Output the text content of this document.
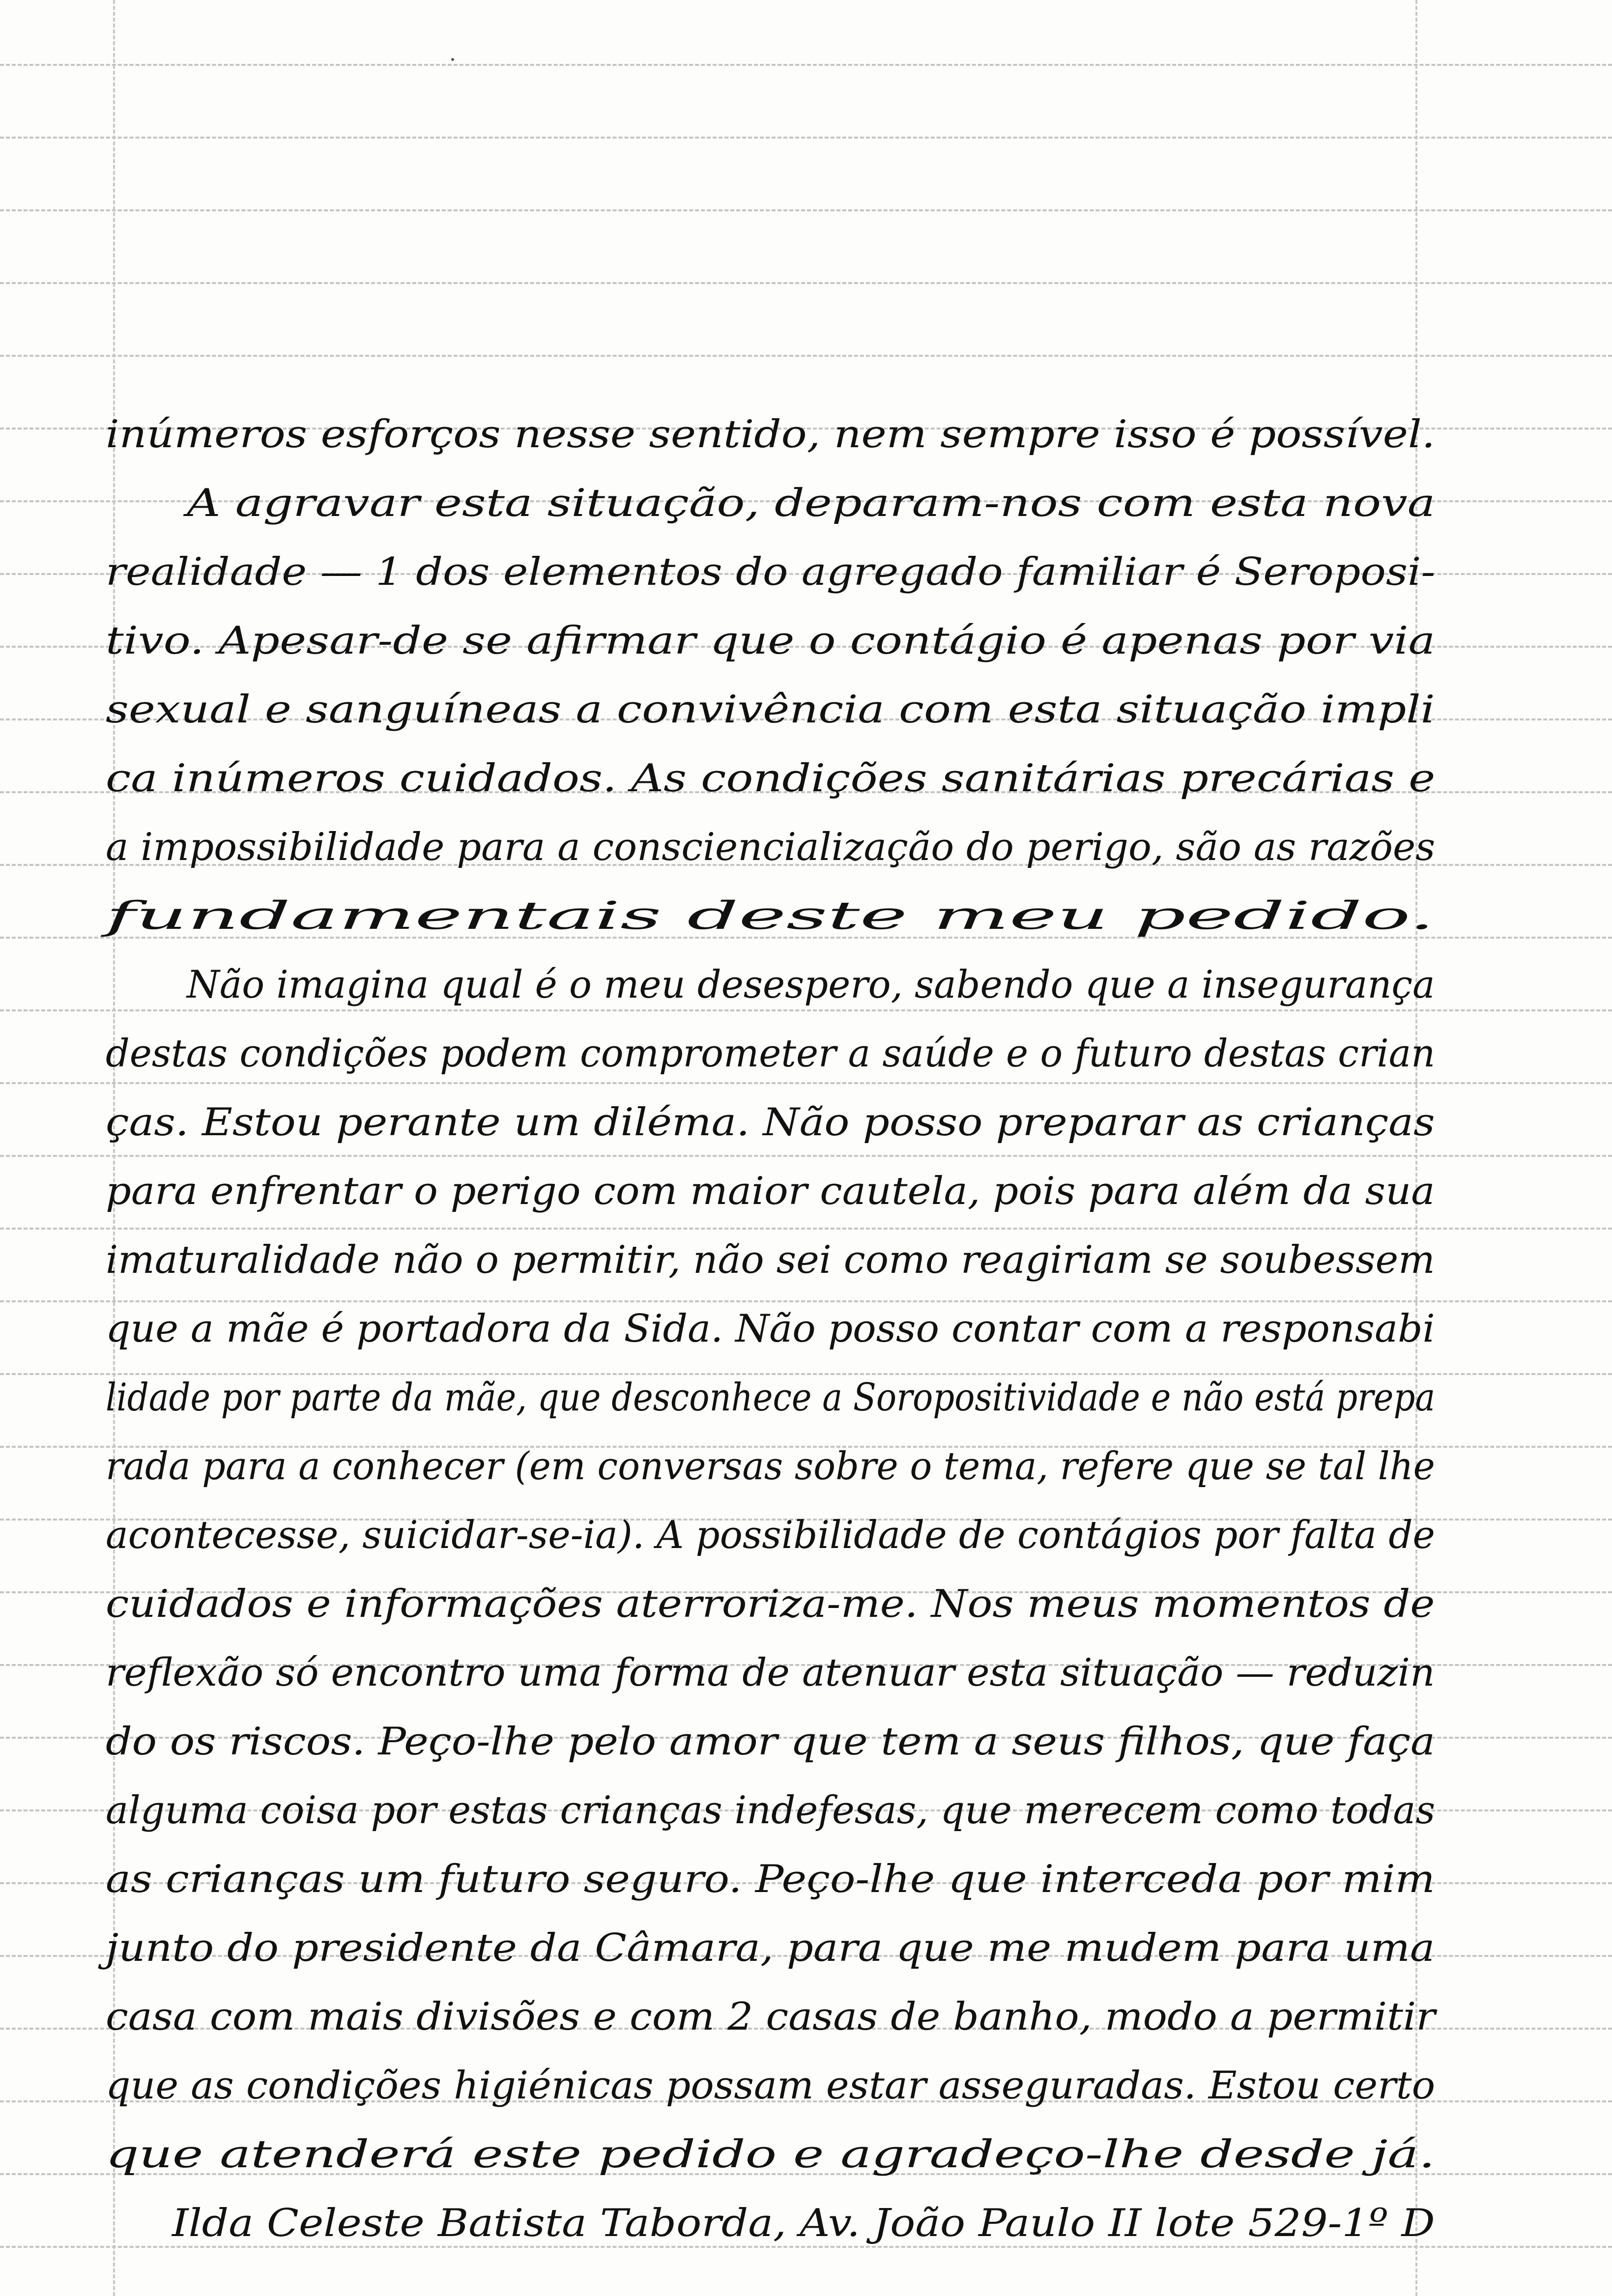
inúmeros esforços nesse sentido, nem sempre isso é possível.
A agravar esta situação, deparam-nos com esta nova
realidade — 1 dos elementos do agregado familiar é Seroposi-
tivo. Apesar-de se afirmar que o contágio é apenas por via
sexual e sanguíneas a convivência com esta situação impli
ca inúmeros cuidados. As condições sanitárias precárias e
a impossibilidade para a consciencialização do perigo, são as razões
fundamentais deste meu pedido.
Não imagina qual é o meu desespero, sabendo que a insegurança
destas condições podem comprometer a saúde e o futuro destas crian
ças. Estou perante um diléma. Não posso preparar as crianças
para enfrentar o perigo com maior cautela, pois para além da sua
imaturalidade não o permitir, não sei como reagiriam se soubessem
que a mãe é portadora da Sida. Não posso contar com a responsabi
lidade por parte da mãe, que desconhece a Soropositividade e não está prepa
rada para a conhecer (em conversas sobre o tema, refere que se tal lhe
acontecesse, suicidar-se-ia). A possibilidade de contágios por falta de
cuidados e informações aterroriza-me. Nos meus momentos de
reflexão só encontro uma forma de atenuar esta situação — reduzin
do os riscos. Peço-lhe pelo amor que tem a seus filhos, que faça
alguma coisa por estas crianças indefesas, que merecem como todas
as crianças um futuro seguro. Peço-lhe que interceda por mim
junto do presidente da Câmara, para que me mudem para uma
casa com mais divisões e com 2 casas de banho, modo a permitir
que as condições higiénicas possam estar asseguradas. Estou certo
que atenderá este pedido e agradeço-lhe desde já.
Ilda Celeste Batista Taborda, Av. João Paulo II lote 529-1º D
